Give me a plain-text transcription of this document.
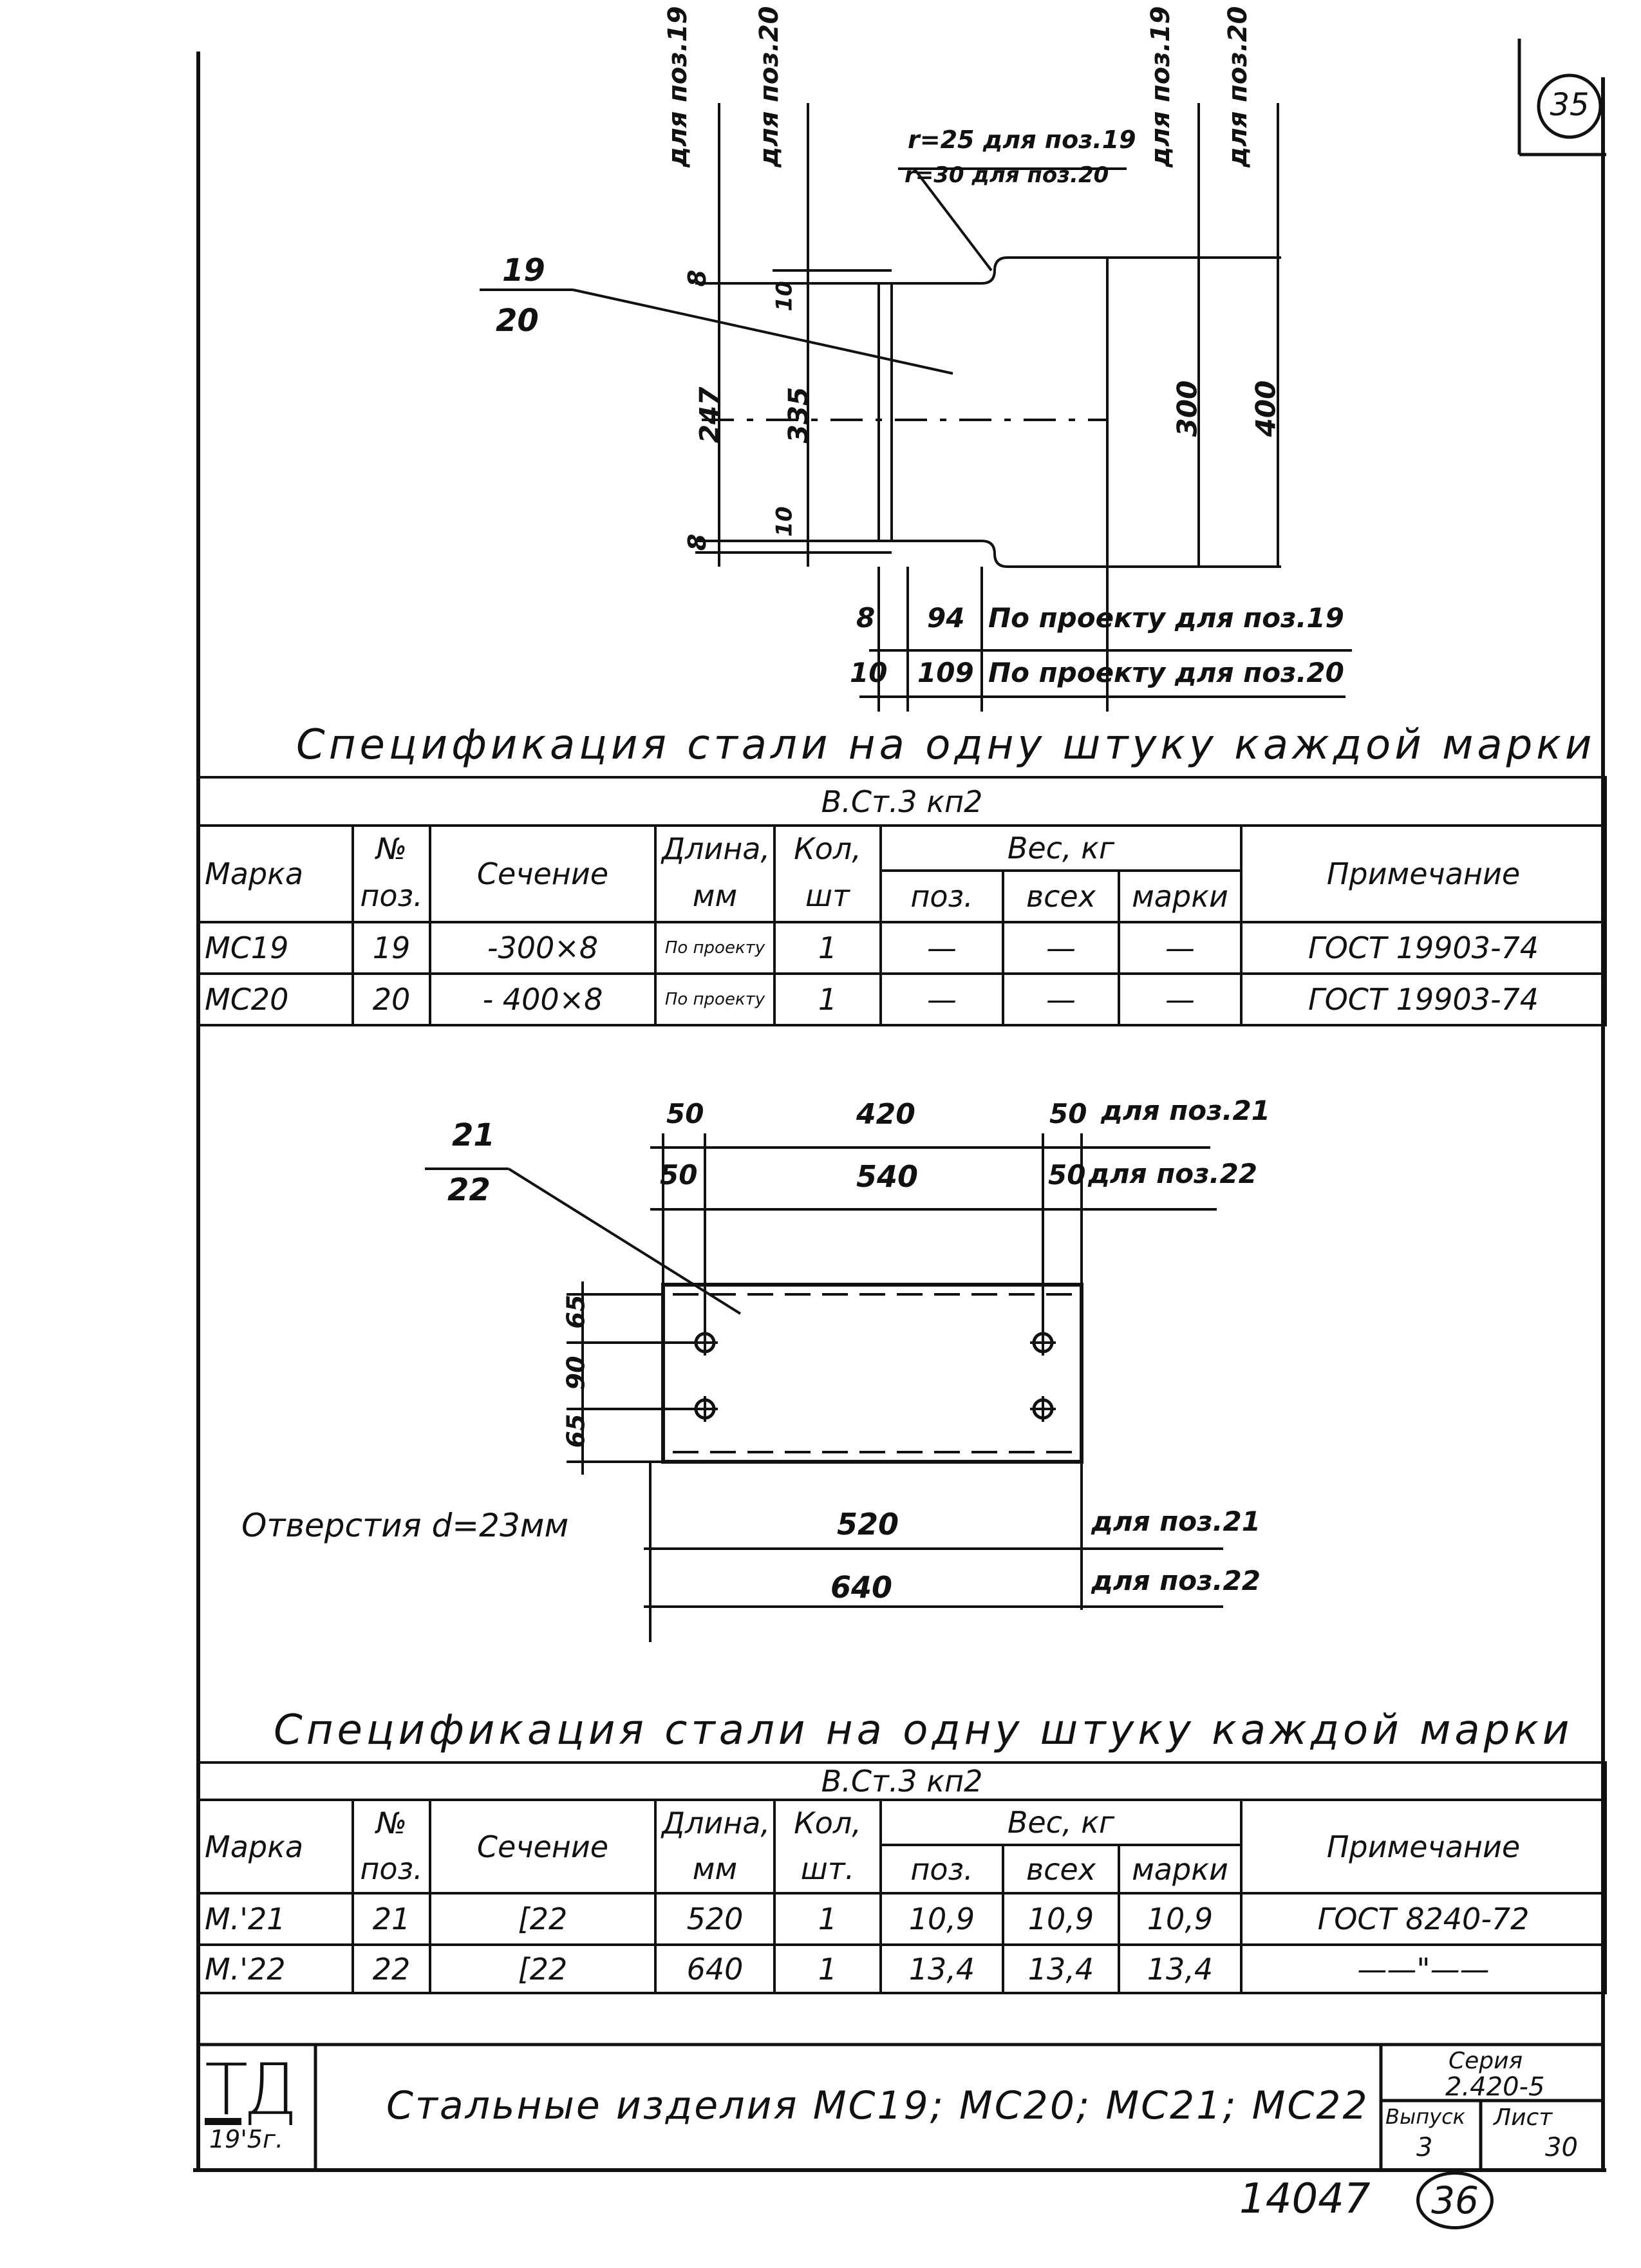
35
19
20
для поз.19 для поз.20	для поз.19 для поз.20
8
247
8
10
335
10
300 400
r=25 для поз.19
r=30 для поз.20
8 94 По проекту для поз.19
10 109 По проекту для поз.20
Спецификация стали на одну штуку каждой марки
В.Ст.3 кп2								
Марка	№	Сечение	Длина,	Кол,	Вес, кг			Примечание
	поз.		мм	шт	поз.	всех	марки	
МС19	19	-300×8	По проекту	1	—	—	—	ГОСТ 19903-74
МС20	20	- 400×8	По проекту	1	—	—	—	ГОСТ 19903-74
21
22
50	420	50 для поз.21
50	540	50 для поз.22
65
90
65
Отверстия d=23мм	520	для поз.21
640	для поз.22
Спецификация стали на одну штуку каждой марки
В.Ст.3 кп2								
Марка	№	Сечение	Длина,	Кол,	Вес, кг			Примечание
	поз.		мм	шт.	поз.	всех	марки	
М.'21	21	[22	520	1	10,9	10,9	10,9	ГОСТ 8240-72
М.'22	22	[22	640	1	13,4	13,4	13,4	——"——
ТД
19'5г.
Стальные изделия МС19; МС20; МС21; МС22
Серия
2.420-5
Выпуск
3
Лист
30
14047	36
